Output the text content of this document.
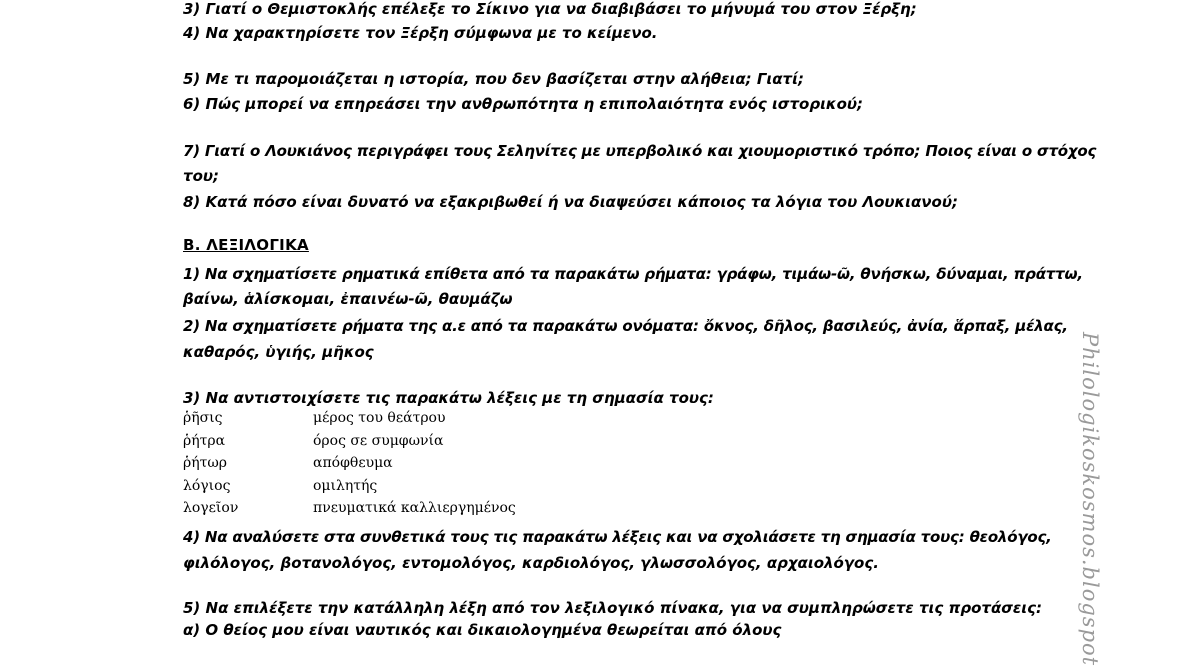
3) Γιατί ο Θεμιστοκλής επέλεξε το Σίκινο για να διαβιβάσει το μήνυμά του στον Ξέρξη;
4) Να χαρακτηρίσετε τον Ξέρξη σύμφωνα με το κείμενο.
5) Με τι παρομοιάζεται η ιστορία, που δεν βασίζεται στην αλήθεια; Γιατί;
6) Πώς μπορεί να επηρεάσει την ανθρωπότητα η επιπολαιότητα ενός ιστορικού;
7) Γιατί ο Λουκιάνος περιγράφει τους Σεληνίτες με υπερβολικό και χιουμοριστικό τρόπο; Ποιος είναι ο στόχος
του;
8) Κατά πόσο είναι δυνατό να εξακριβωθεί ή να διαψεύσει κάποιος τα λόγια του Λουκιανού;
Β. ΛΕΞΙΛΟΓΙΚΑ
1) Να σχηματίσετε ρηματικά επίθετα από τα παρακάτω ρήματα: γράφω, τιμάω-ῶ, θνήσκω, δύναμαι, πράττω,
βαίνω, ἁλίσκομαι, ἐπαινέω-ῶ, θαυμάζω
2) Να σχηματίσετε ρήματα της α.ε από τα παρακάτω ονόματα: ὄκνος, δῆλος, βασιλεύς, ἀνία, ἅρπαξ, μέλας,
καθαρός, ὑγιής, μῆκος
3) Να αντιστοιχίσετε τις παρακάτω λέξεις με τη σημασία τους:
ῥῆσις	μέρος του θεάτρου
ῥήτρα	όρος σε συμφωνία
ῥήτωρ	απόφθευμα
λόγιος	ομιλητής
λογεῖον	πνευματικά καλλιεργημένος
4) Να αναλύσετε στα συνθετικά τους τις παρακάτω λέξεις και να σχολιάσετε τη σημασία τους: θεολόγος,
φιλόλογος, βοτανολόγος, εντομολόγος, καρδιολόγος, γλωσσολόγος, αρχαιολόγος.
5) Να επιλέξετε την κατάλληλη λέξη από τον λεξιλογικό πίνακα, για να συμπληρώσετε τις προτάσεις:
α) Ο θείος μου είναι ναυτικός και δικαιολογημένα θεωρείται από όλους	Philologikoskosmos.blogspot
